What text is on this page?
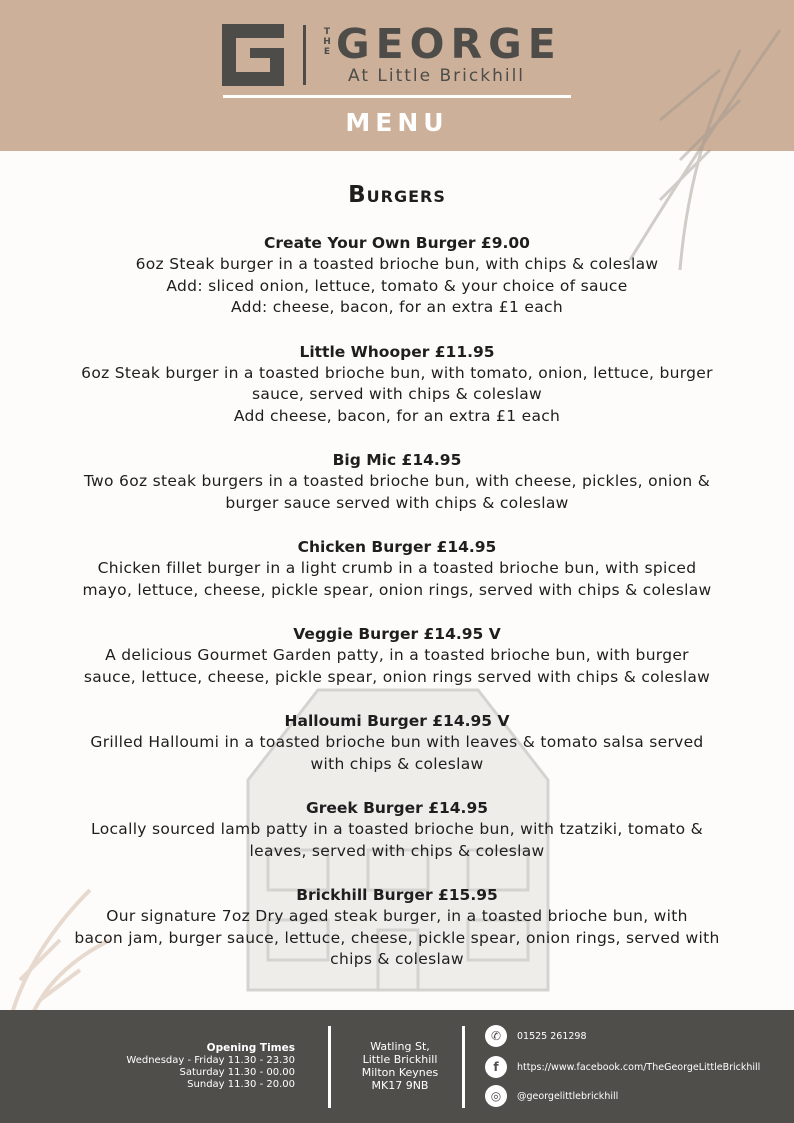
THE GEORGE
At Little Brickhill
MENU
Burgers
Create Your Own Burger £9.00

6oz Steak burger in a toasted brioche bun, with chips & coleslaw

Add: sliced onion, lettuce, tomato & your choice of sauce

Add: cheese, bacon, for an extra £1 each

Little Whooper £11.95

6oz Steak burger in a toasted brioche bun, with tomato, onion, lettuce, burger

sauce, served with chips & coleslaw

Add cheese, bacon, for an extra £1 each

Big Mic £14.95

Two 6oz steak burgers in a toasted brioche bun, with cheese, pickles, onion &

burger sauce served with chips & coleslaw

Chicken Burger £14.95

Chicken fillet burger in a light crumb in a toasted brioche bun, with spiced

mayo, lettuce, cheese, pickle spear, onion rings, served with chips & coleslaw

Veggie Burger £14.95 V

A delicious Gourmet Garden patty, in a toasted brioche bun, with burger

sauce, lettuce, cheese, pickle spear, onion rings served with chips & coleslaw

Halloumi Burger £14.95 V

Grilled Halloumi in a toasted brioche bun with leaves & tomato salsa served

with chips & coleslaw

Greek Burger £14.95

Locally sourced lamb patty in a toasted brioche bun, with tzatziki, tomato &

leaves, served with chips & coleslaw

Brickhill Burger £15.95

Our signature 7oz Dry aged steak burger, in a toasted brioche bun, with

bacon jam, burger sauce, lettuce, cheese, pickle spear, onion rings, served with

chips & coleslaw

Opening Times
Wednesday - Friday 11.30 - 23.30
Saturday 11.30 - 00.00
Sunday 11.30 - 20.00
Watling St,
Little Brickhill
Milton Keynes
MK17 9NB
✆	01525 261298
f	https://www.facebook.com/TheGeorgeLittleBrickhill
◎	@georgelittlebrickhill
